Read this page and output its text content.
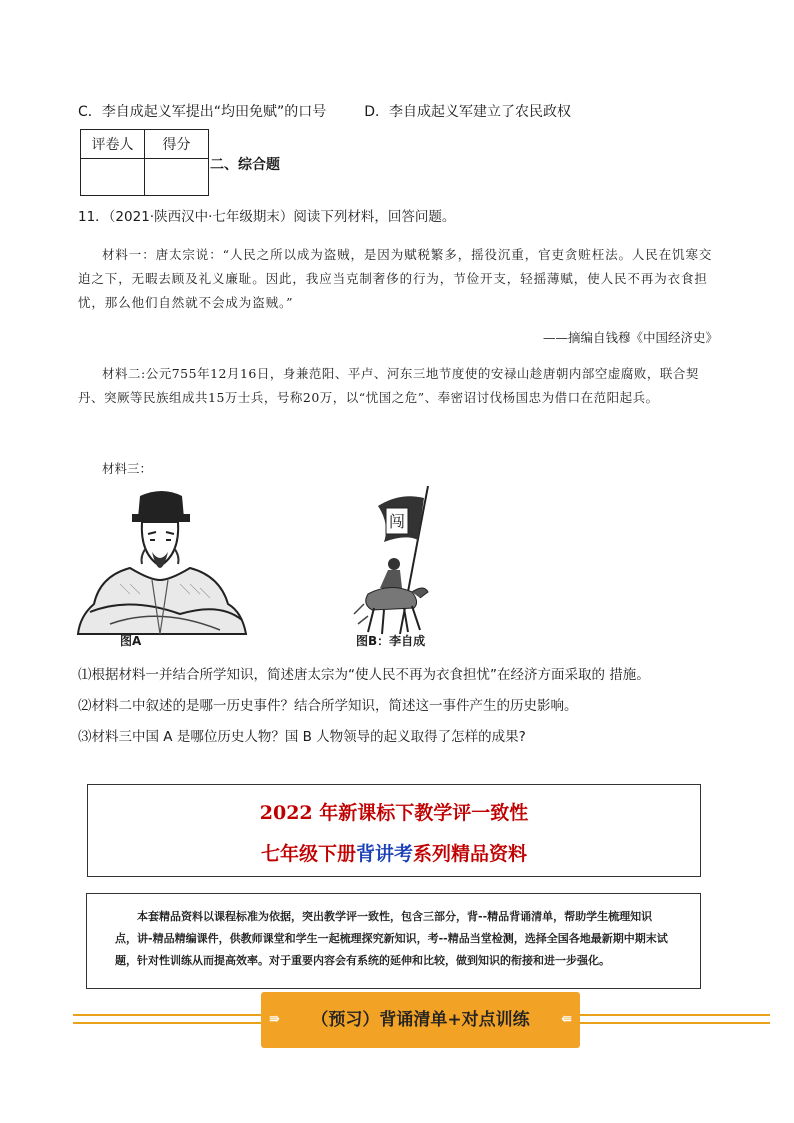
C．李自成起义军提出“均田免赋”的口号	D．李自成起义军建立了农民政权
评卷人	得分

二、综合题
11．（2021·陕西汉中·七年级期末）阅读下列材料，回答问题。
材料一：唐太宗说：“人民之所以成为盗贼，是因为赋税繁多，摇役沉重，官吏贪赃枉法。人民在饥寒交迫之下，无暇去顾及礼义廉耻。因此，我应当克制奢侈的行为，节俭开支，轻摇薄赋，使人民不再为衣食担忧，那么他们自然就不会成为盗贼。”
——摘编自钱穆《中国经济史》
材料二:公元755年12月16日，身兼范阳、平卢、河东三地节度使的安禄山趁唐朝内部空虚腐败，联合契丹、突厥等民族组成共15万士兵，号称20万，以“忧国之危”、奉密诏讨伐杨国忠为借口在范阳起兵。
材料三：
图A
闯
图B：李自成
⑴根据材料一并结合所学知识，简述唐太宗为“使人民不再为衣食担忧”在经济方面采取的 措施。
⑵材料二中叙述的是哪一历史事件？结合所学知识，简述这一事件产生的历史影响。
⑶材料三中国 A 是哪位历史人物？国 B 人物领导的起义取得了怎样的成果?
2022 年新课标下教学评一致性
七年级下册背讲考系列精品资料
本套精品资料以课程标准为依据，突出教学评一致性，包含三部分，背--精品背诵清单，帮助学生梳理知识点，讲-精品精编课件，供教师课堂和学生一起梳理探究新知识，考--精品当堂检测，选择全国各地最新期中期末试题，针对性训练从而提高效率。对于重要内容会有系统的延伸和比较，做到知识的衔接和进一步强化。
⇛ （预习）背诵清单+对点训练 ⇚
